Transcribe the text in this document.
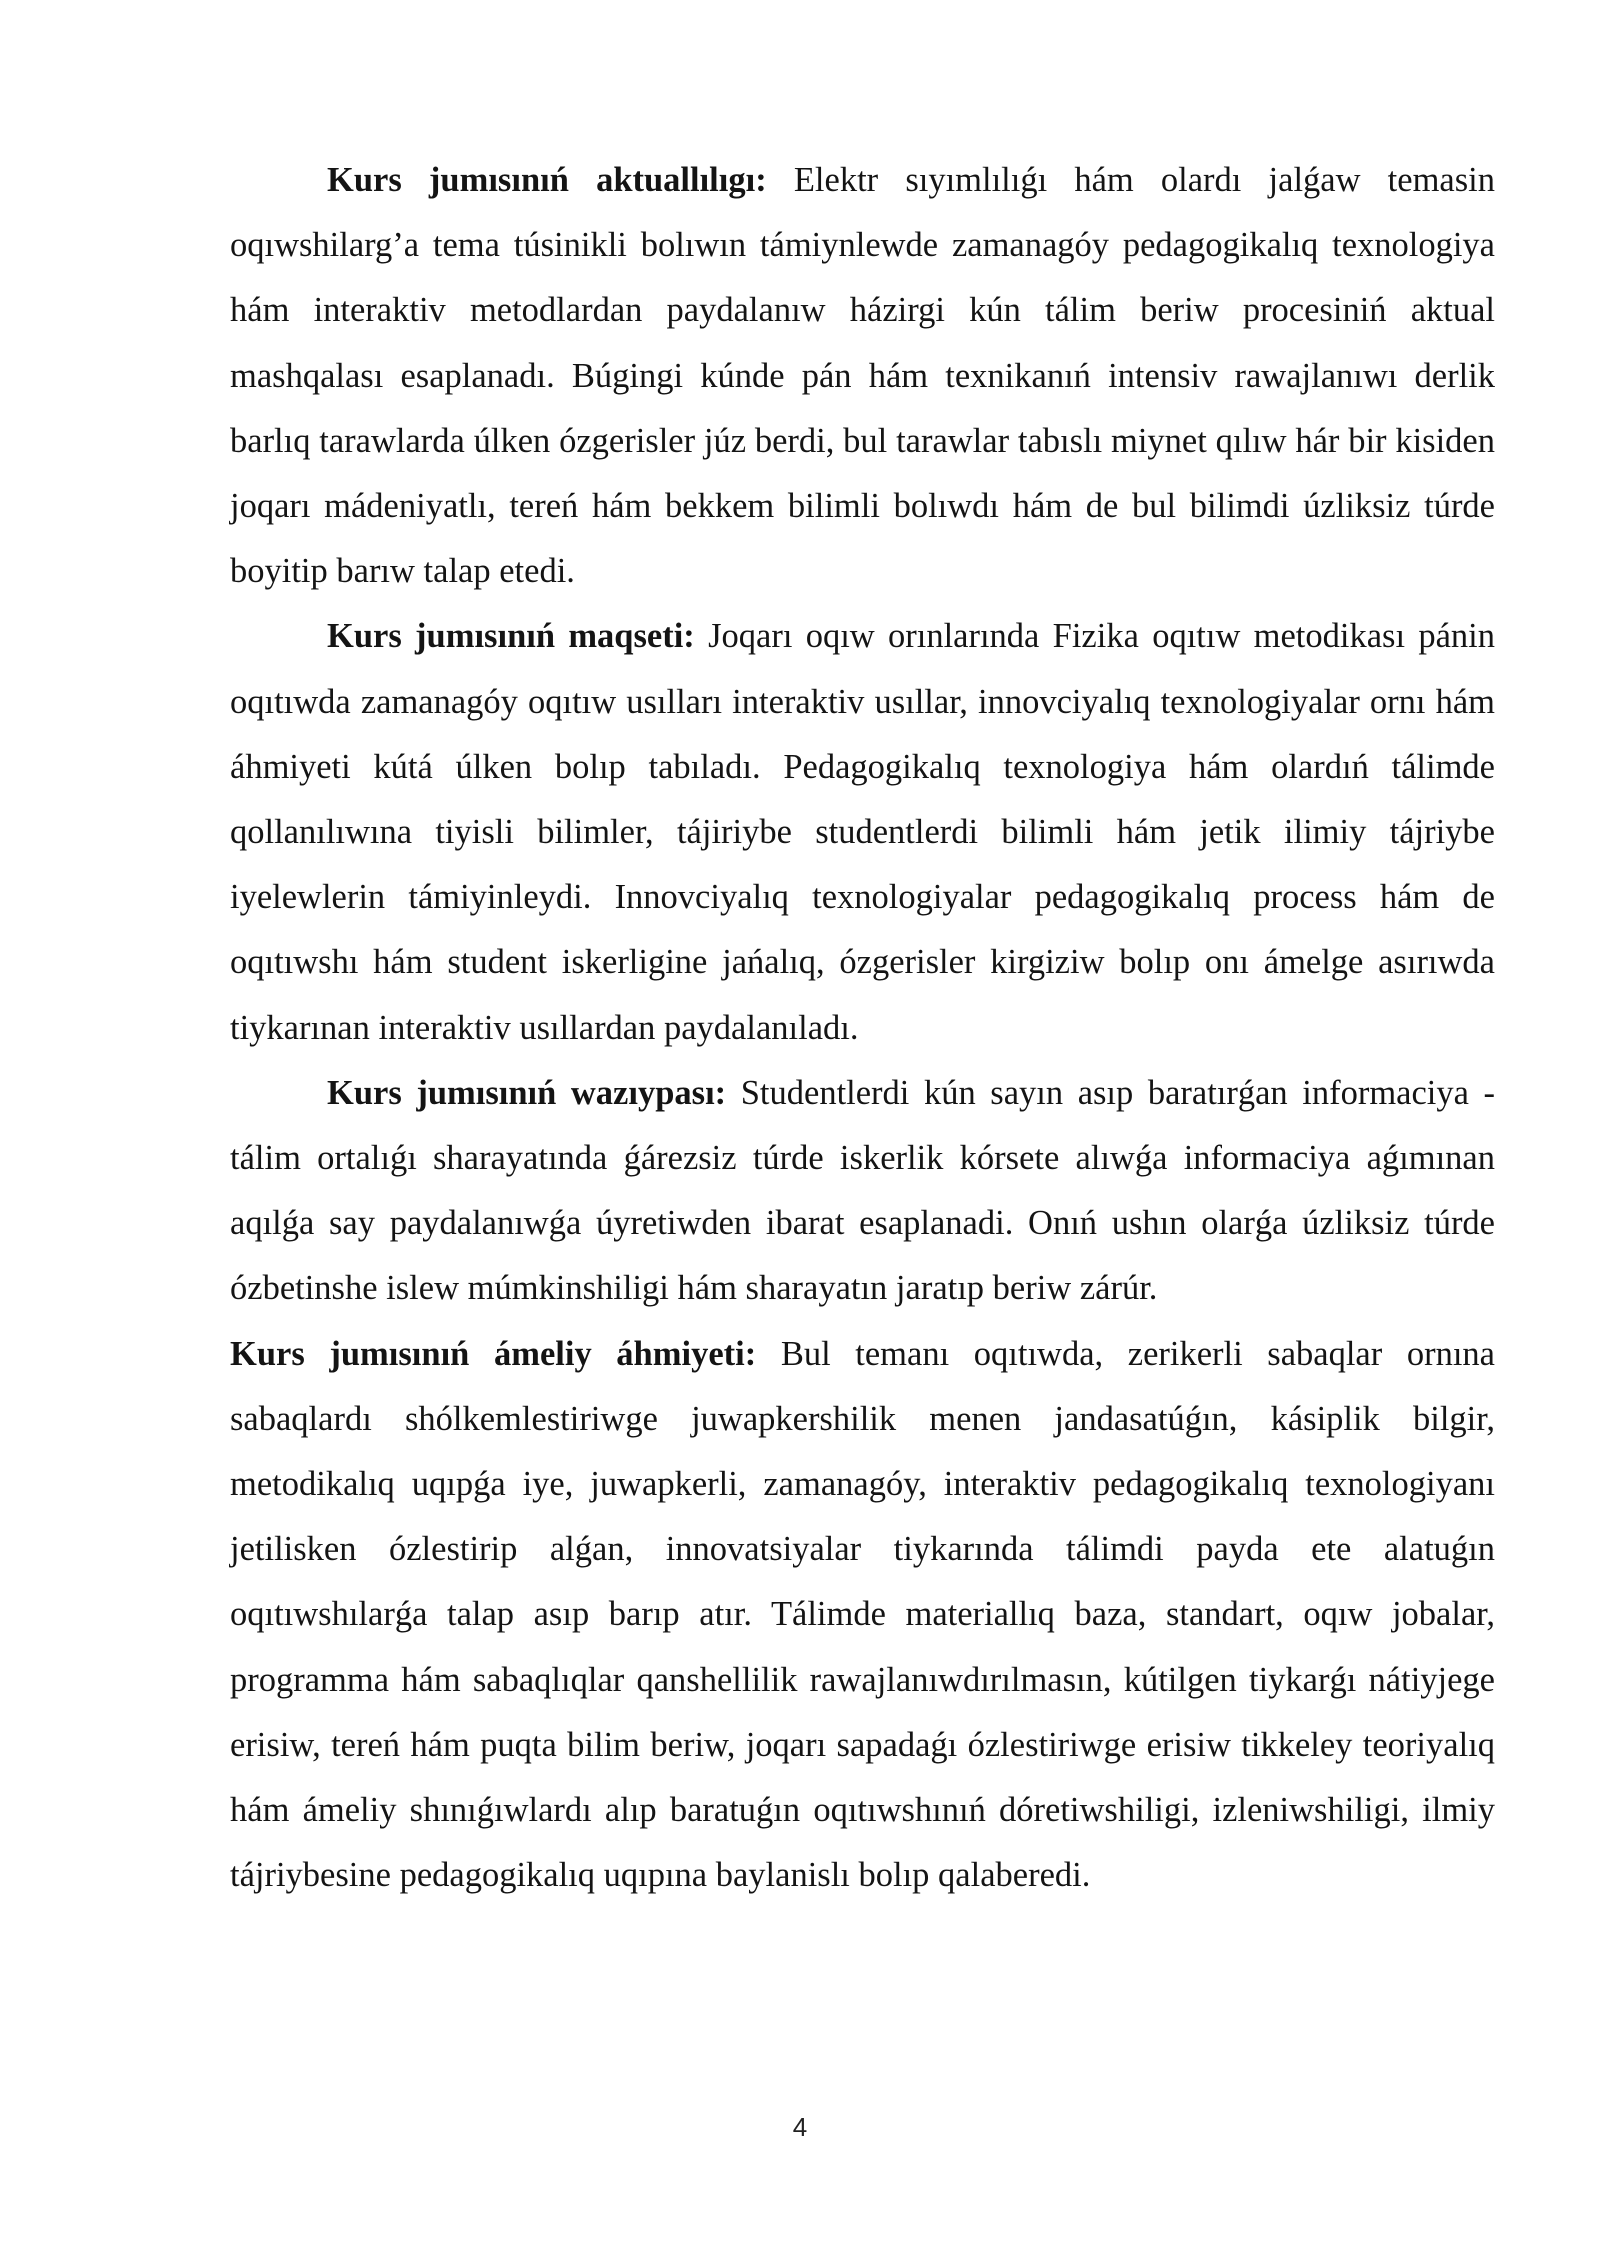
Kurs jumısınıń aktuallılıgı: Elektr sıyımlılıǵı hám olardı jalǵaw temasin oqıwshilarg’a tema túsinikli bolıwın támiynlewde zamanagóy pedagogikalıq texnologiya hám interaktiv metodlardan paydalanıw házirgi kún tálim beriw procesiniń aktual mashqalası esaplanadı. Búgingi kúnde pán hám texnikanıń intensiv rawajlanıwı derlik barlıq tarawlarda úlken ózgerisler júz berdi, bul tarawlar tabıslı miynet qılıw hár bir kisiden joqarı mádeniyatlı, tereń hám bekkem bilimli bolıwdı hám de bul bilimdi úzliksiz túrde boyitip barıw talap etedi.

Kurs jumısınıń maqseti: Joqarı oqıw orınlarında Fizika oqıtıw metodikası pánin oqıtıwda zamanagóy oqıtıw usılları interaktiv usıllar, innovciyalıq texnologiyalar ornı hám áhmiyeti kútá úlken bolıp tabıladı. Pedagogikalıq texnologiya hám olardıń tálimde qollanılıwına tiyisli bilimler, tájiriybe studentlerdi bilimli hám jetik ilimiy tájriybe iyelewlerin támiyinleydi. Innovciyalıq texnologiyalar pedagogikalıq process hám de oqıtıwshı hám student iskerligine jańalıq, ózgerisler kirgiziw bolıp onı ámelge asırıwda tiykarınan interaktiv usıllardan paydalanıladı.

Kurs jumısınıń wazıypası: Studentlerdi kún sayın asıp baratırǵan informaciya -tálim ortalıǵı sharayatında ǵárezsiz túrde iskerlik kórsete alıwǵa informaciya aǵımınan aqılǵa say paydalanıwǵa úyretiwden ibarat esaplanadi. Onıń ushın olarǵa úzliksiz túrde ózbetinshe islew múmkinshiligi hám sharayatın jaratıp beriw zárúr.

Kurs jumısınıń ámeliy áhmiyeti: Bul temanı oqıtıwda, zerikerli sabaqlar ornına sabaqlardı shólkemlestiriwge juwapkershilik menen jandasatúǵın, kásiplik bilgir, metodikalıq uqıpǵa iye, juwapkerli, zamanagóy, interaktiv pedagogikalıq texnologiyanı jetilisken ózlestirip alǵan, innovatsiyalar tiykarında tálimdi payda ete alatuǵın oqıtıwshılarǵa talap asıp barıp atır. Tálimde materiallıq baza, standart, oqıw jobalar, programma hám sabaqlıqlar qanshellilik rawajlanıwdırılmasın, kútilgen tiykarǵı nátiyjege erisiw, tereń hám puqta bilim beriw, joqarı sapadaǵı ózlestiriwge erisiw tikkeley teoriyalıq hám ámeliy shınıǵıwlardı alıp baratuǵın oqıtıwshınıń dóretiwshiligi, izleniwshiligi, ilmiy tájriybesine pedagogikalıq uqıpına baylanislı bolıp qalaberedi.

4
